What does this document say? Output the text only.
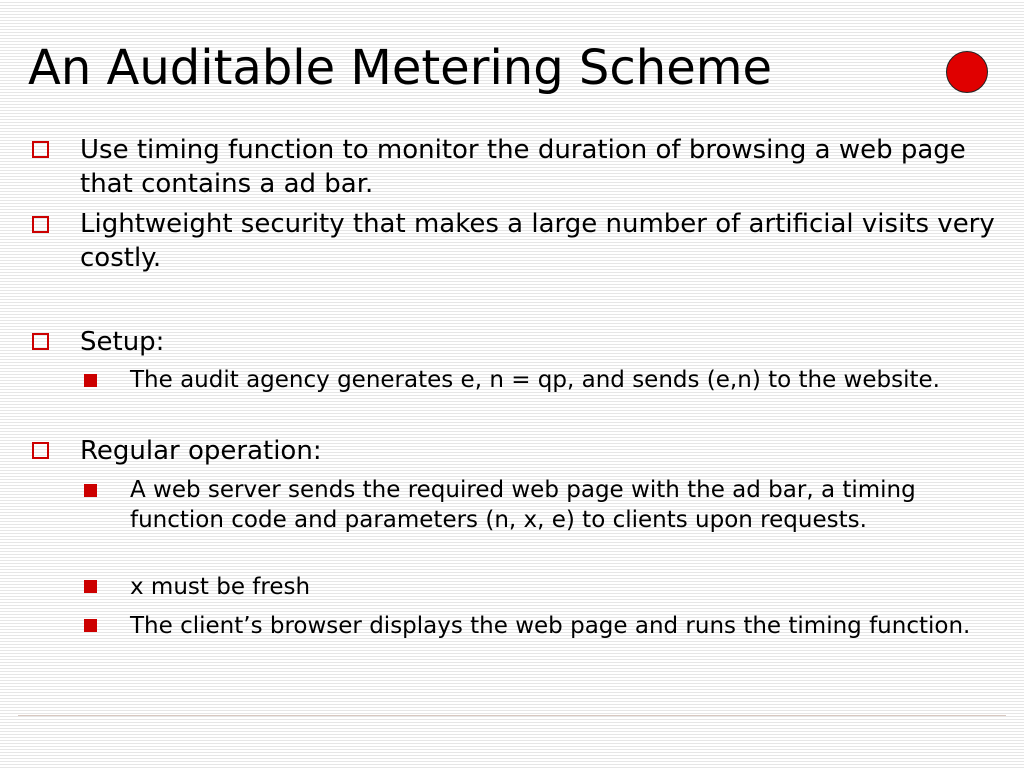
An Auditable Metering Scheme
Use timing function to monitor the duration of browsing a web page that contains a ad bar.
Lightweight security that makes a large number of artificial visits very costly.
Setup:
The audit agency generates e, n = qp, and sends (e,n) to the website.
Regular operation:
A web server sends the required web page with the ad bar, a timing function code and parameters (n, x, e) to clients upon requests.
x must be fresh
The client’s browser displays the web page and runs the timing function.
